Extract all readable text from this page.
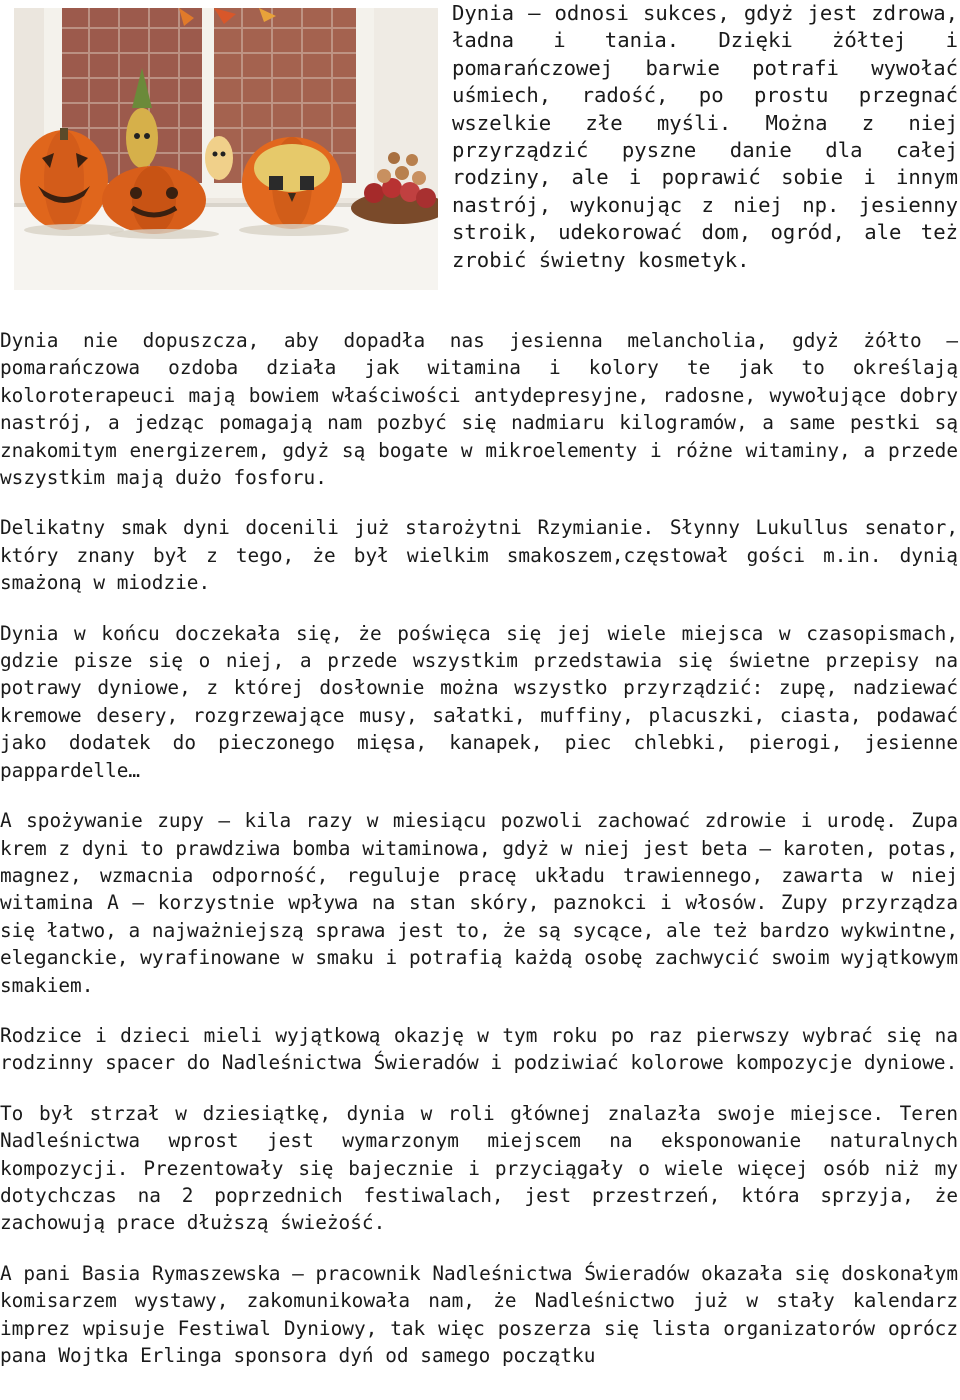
Dynia – odnosi sukces, gdyż jest zdrowa, ładna i tania. Dzięki żółtej i pomarańczowej barwie potrafi wywołać uśmiech, radość, po prostu przegnać wszelkie złe myśli. Można z niej przyrządzić pyszne danie dla całej rodziny, ale i poprawić sobie i innym nastrój, wykonując z niej np. jesienny stroik, udekorować dom, ogród, ale też zrobić świetny kosmetyk.

Dynia nie dopuszcza, aby dopadła nas jesienna melancholia, gdyż żółto – pomarańczowa ozdoba działa jak witamina i kolory te jak to określają koloroterapeuci mają bowiem właściwości antydepresyjne, radosne, wywołujące dobry nastrój, a jedząc pomagają nam pozbyć się nadmiaru kilogramów, a same pestki są znakomitym energizerem, gdyż są bogate w mikroelementy i różne witaminy, a przede wszystkim mają dużo fosforu.

Delikatny smak dyni docenili już starożytni Rzymianie. Słynny Lukullus senator, który znany był z tego, że był wielkim smakoszem,częstował gości m.in. dynią smażoną w miodzie.

Dynia w końcu doczekała się, że poświęca się jej wiele miejsca w czasopismach, gdzie pisze się o niej, a przede wszystkim przedstawia się świetne przepisy na potrawy dyniowe, z której dosłownie można wszystko przyrządzić: zupę, nadziewać kremowe desery, rozgrzewające musy, sałatki, muffiny, placuszki, ciasta, podawać jako dodatek do pieczonego mięsa, kanapek, piec chlebki, pierogi, jesienne pappardelle…

A spożywanie zupy – kila razy w miesiącu pozwoli zachować zdrowie i urodę. Zupa krem z dyni to prawdziwa bomba witaminowa, gdyż w niej jest beta – karoten, potas, magnez, wzmacnia odporność, reguluje pracę układu trawiennego, zawarta w niej witamina A – korzystnie wpływa na stan skóry, paznokci i włosów. Zupy przyrządza się łatwo, a najważniejszą sprawa jest to, że są sycące, ale też bardzo wykwintne, eleganckie, wyrafinowane w smaku i potrafią każdą osobę zachwycić swoim wyjątkowym smakiem.

Rodzice i dzieci mieli wyjątkową okazję w tym roku po raz pierwszy wybrać się na rodzinny spacer do Nadleśnictwa Świeradów i podziwiać kolorowe kompozycje dyniowe.

To był strzał w dziesiątkę, dynia w roli głównej znalazła swoje miejsce. Teren Nadleśnictwa wprost jest wymarzonym miejscem na eksponowanie naturalnych kompozycji. Prezentowały się bajecznie i przyciągały o wiele więcej osób niż my dotychczas na 2 poprzednich festiwalach, jest przestrzeń, która sprzyja, że zachowują prace dłuższą świeżość.

A pani Basia Rymaszewska – pracownik Nadleśnictwa Świeradów okazała się doskonałym komisarzem wystawy, zakomunikowała nam, że Nadleśnictwo już w stały kalendarz imprez wpisuje Festiwal Dyniowy, tak więc poszerza się lista organizatorów oprócz pana Wojtka Erlinga sponsora dyń od samego początku
